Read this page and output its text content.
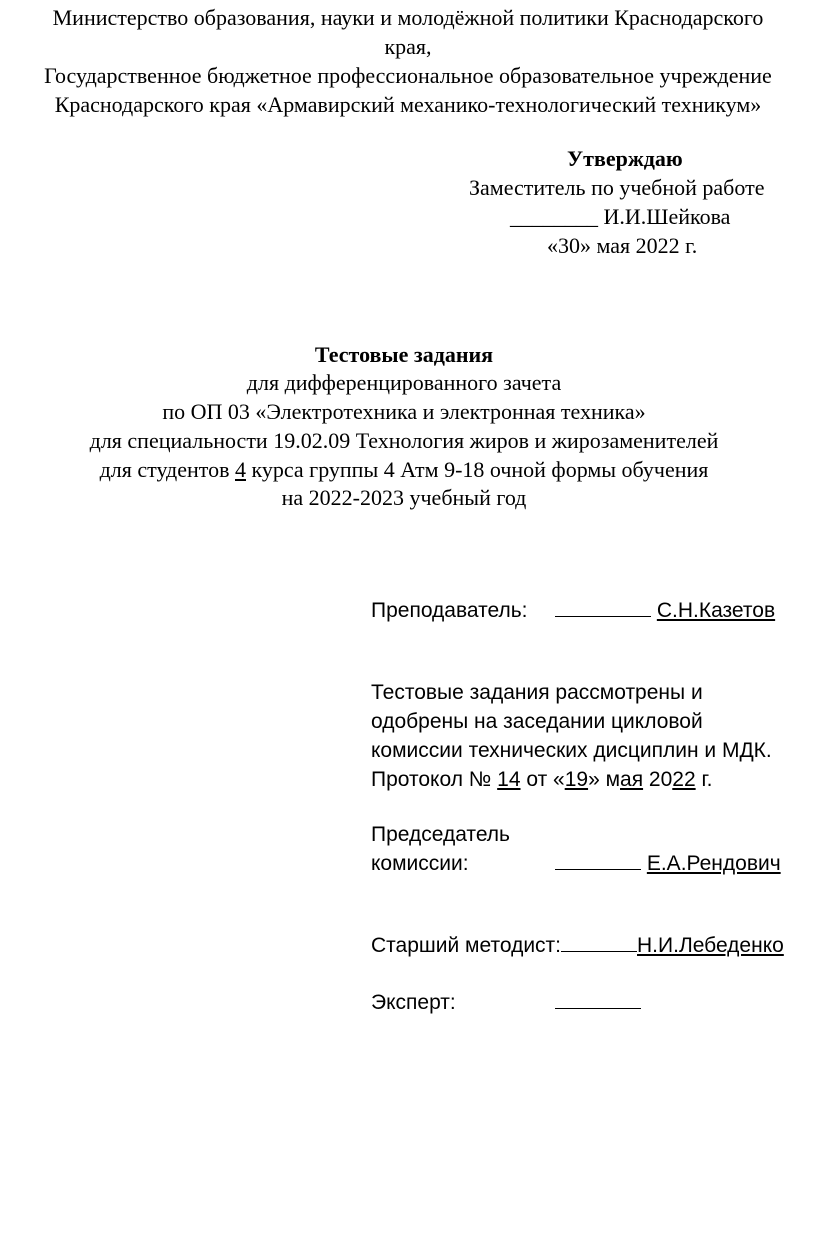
Министерство образования, науки и молодёжной политики Краснодарского
края,
Государственное бюджетное профессиональное образовательное учреждение
Краснодарского края «Армавирский механико-технологический техникум»
Утверждаю
Заместитель по учебной работе
________ И.И.Шейкова
«30» мая 2022 г.
Тестовые задания
для дифференцированного зачета
по ОП 03 «Электротехника и электронная техника»
для специальности 19.02.09 Технология жиров и жирозаменителей
для студентов 4 курса группы 4 Атм 9-18 очной формы обучения
на 2022-2023 учебный год
Преподаватель:	С.Н.Казетов
Тестовые задания рассмотрены и
одобрены на заседании цикловой
комиссии технических дисциплин и МДК.
Протокол № 14 от «19» мая 2022 г.
Председатель
комиссии:	Е.А.Рендович
Старший методист:	Н.И.Лебеденко
Эксперт:
